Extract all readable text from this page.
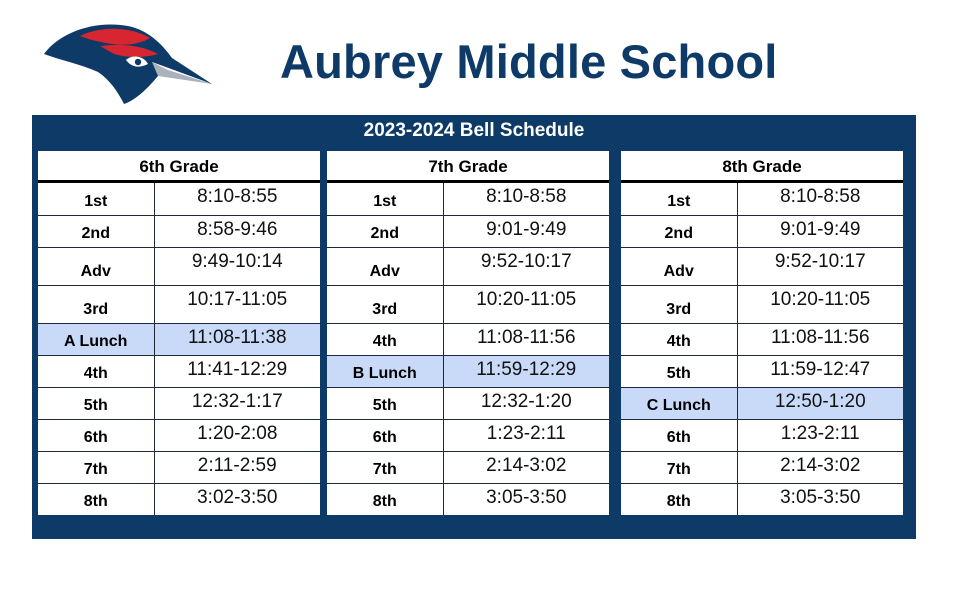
Aubrey Middle School
2023-2024 Bell Schedule
6th Grade
1st	8:10-8:55
2nd	8:58-9:46
Adv	9:49-10:14
3rd	10:17-11:05
A Lunch	11:08-11:38
4th	11:41-12:29
5th	12:32-1:17
6th	1:20-2:08
7th	2:11-2:59
8th	3:02-3:50
7th Grade
1st	8:10-8:58
2nd	9:01-9:49
Adv	9:52-10:17
3rd	10:20-11:05
4th	11:08-11:56
B Lunch	11:59-12:29
5th	12:32-1:20
6th	1:23-2:11
7th	2:14-3:02
8th	3:05-3:50
8th Grade
1st	8:10-8:58
2nd	9:01-9:49
Adv	9:52-10:17
3rd	10:20-11:05
4th	11:08-11:56
5th	11:59-12:47
C Lunch	12:50-1:20
6th	1:23-2:11
7th	2:14-3:02
8th	3:05-3:50
